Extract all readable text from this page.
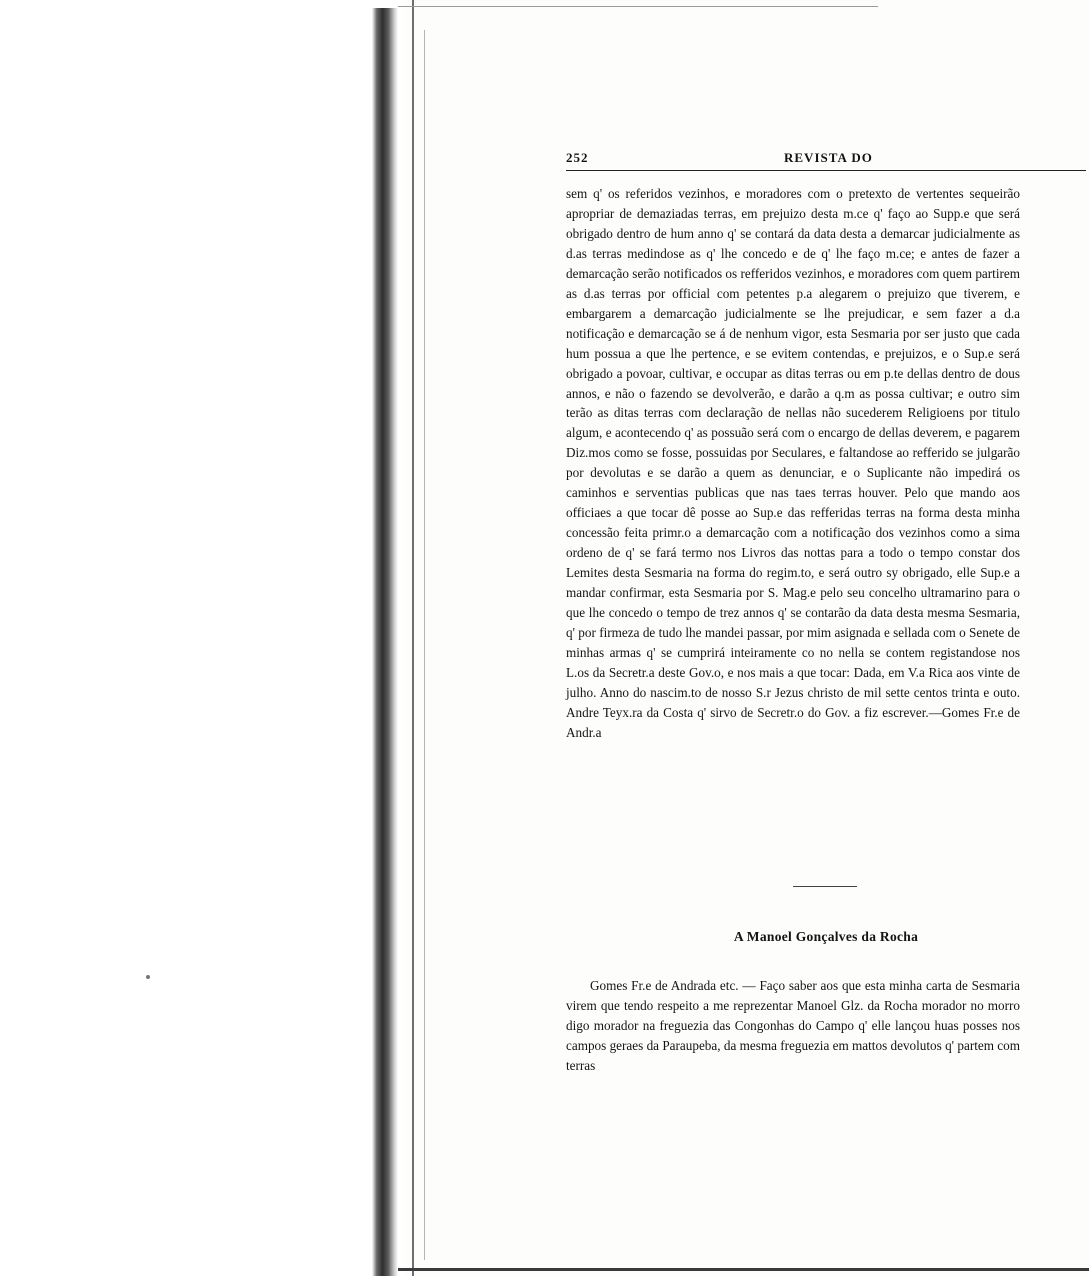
252	REVISTA DO

sem q' os referidos vezinhos, e moradores com o pretexto de vertentes sequeirão apropriar de demaziadas terras, em prejuizo desta m.ce q' faço ao Supp.e que será obrigado dentro de hum anno q' se contará da data desta a demarcar judicialmente as d.as terras medindose as q' lhe concedo e de q' lhe faço m.ce; e antes de fazer a demarcação serão notificados os refferidos vezinhos, e moradores com quem partirem as d.as terras por official com petentes p.a alegarem o prejuizo que tiverem, e embargarem a demarcação judicialmente se lhe prejudicar, e sem fazer a d.a notificação e demarcação se á de nenhum vigor, esta Sesmaria por ser justo que cada hum possua a que lhe pertence, e se evitem contendas, e prejuizos, e o Sup.e será obrigado a povoar, cultivar, e occupar as ditas terras ou em p.te dellas dentro de dous annos, e não o fazendo se devolverão, e darão a q.m as possa cultivar; e outro sim terão as ditas terras com declaração de nellas não sucederem Religioens por titulo algum, e acontecendo q' as possuão será com o encargo de dellas deverem, e pagarem Diz.mos como se fosse, possuidas por Seculares, e faltandose ao refferido se julgarão por devolutas e se darão a quem as denunciar, e o Suplicante não impedirá os caminhos e serventias publicas que nas taes terras houver. Pelo que mando aos officiaes a que tocar dê posse ao Sup.e das refferidas terras na forma desta minha concessão feita primr.o a demarcação com a notificação dos vezinhos como a sima ordeno de q' se fará termo nos Livros das nottas para a todo o tempo constar dos Lemites desta Sesmaria na forma do regim.to, e será outro sy obrigado, elle Sup.e a mandar confirmar, esta Sesmaria por S. Mag.e pelo seu concelho ultramarino para o que lhe concedo o tempo de trez annos q' se contarão da data desta mesma Sesmaria, q' por firmeza de tudo lhe mandei passar, por mim asignada e sellada com o Senete de minhas armas q' se cumprirá inteiramente co no nella se contem registandose nos L.os da Secretr.a deste Gov.o, e nos mais a que tocar: Dada, em V.a Rica aos vinte de julho. Anno do nascim.to de nosso S.r Jezus christo de mil sette centos trinta e outo. Andre Teyx.ra da Costa q' sirvo de Secretr.o do Gov. a fiz escrever.—Gomes Fr.e de Andr.a

A Manoel Gonçalves da Rocha

Gomes Fr.e de Andrada etc. — Faço saber aos que esta minha carta de Sesmaria virem que tendo respeito a me reprezentar Manoel Glz. da Rocha morador no morro digo morador na freguezia das Congonhas do Campo q' elle lançou huas posses nos campos geraes da Paraupeba, da mesma freguezia em mattos devolutos q' partem com terras
